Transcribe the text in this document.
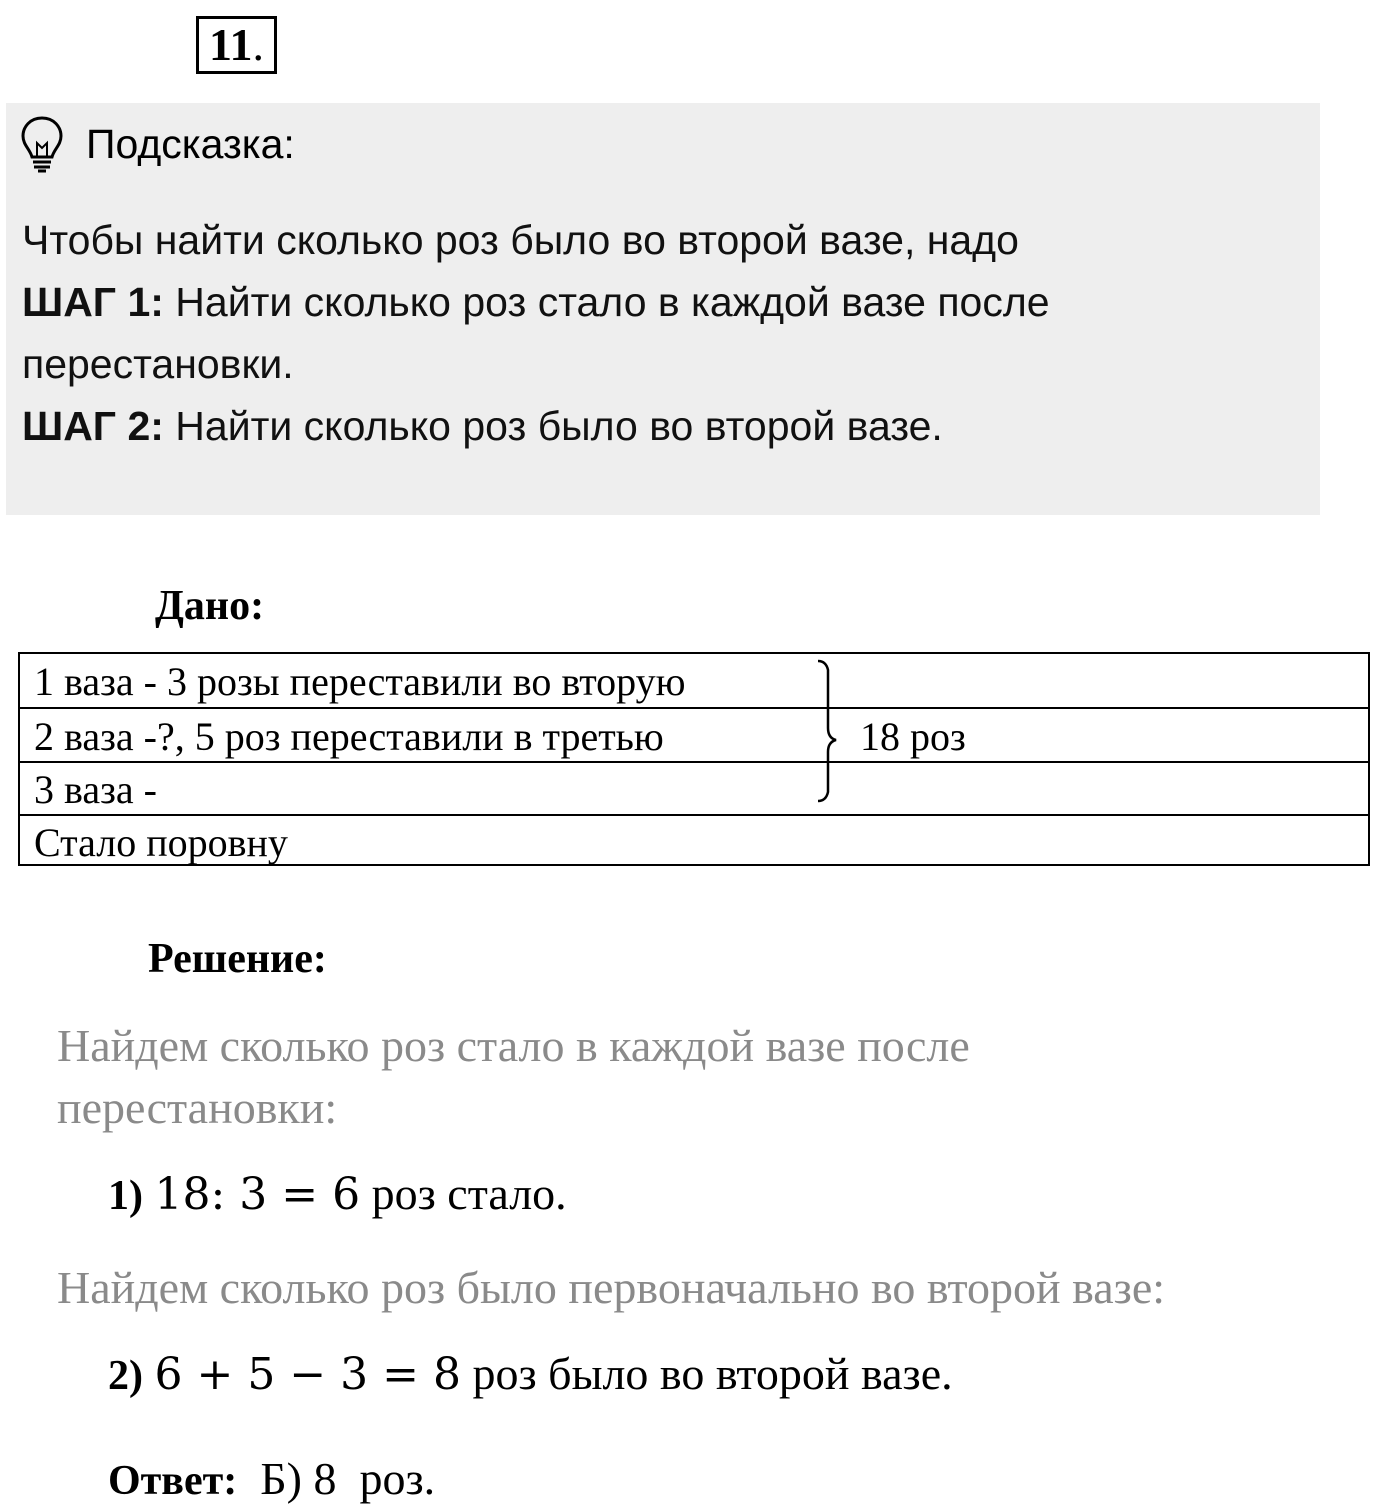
11 .
Подсказка:
Чтобы найти сколько роз было во второй вазе, надо
ШАГ 1: Найти сколько роз стало в каждой вазе после
перестановки.
ШАГ 2: Найти сколько роз было во второй вазе.
Дано:
1 ваза - 3 розы переставили во вторую
2 ваза -?, 5 роз переставили в третью
3 ваза -
Стало поровну
18 роз
Решение:
Найдем сколько роз стало в каждой вазе после
перестановки:
1) 18: 3 = 6 роз стало.
Найдем сколько роз было первоначально во второй вазе:
2) 6 + 5 − 3 = 8 роз было во второй вазе.
Ответ:  Б) 8  роз.
